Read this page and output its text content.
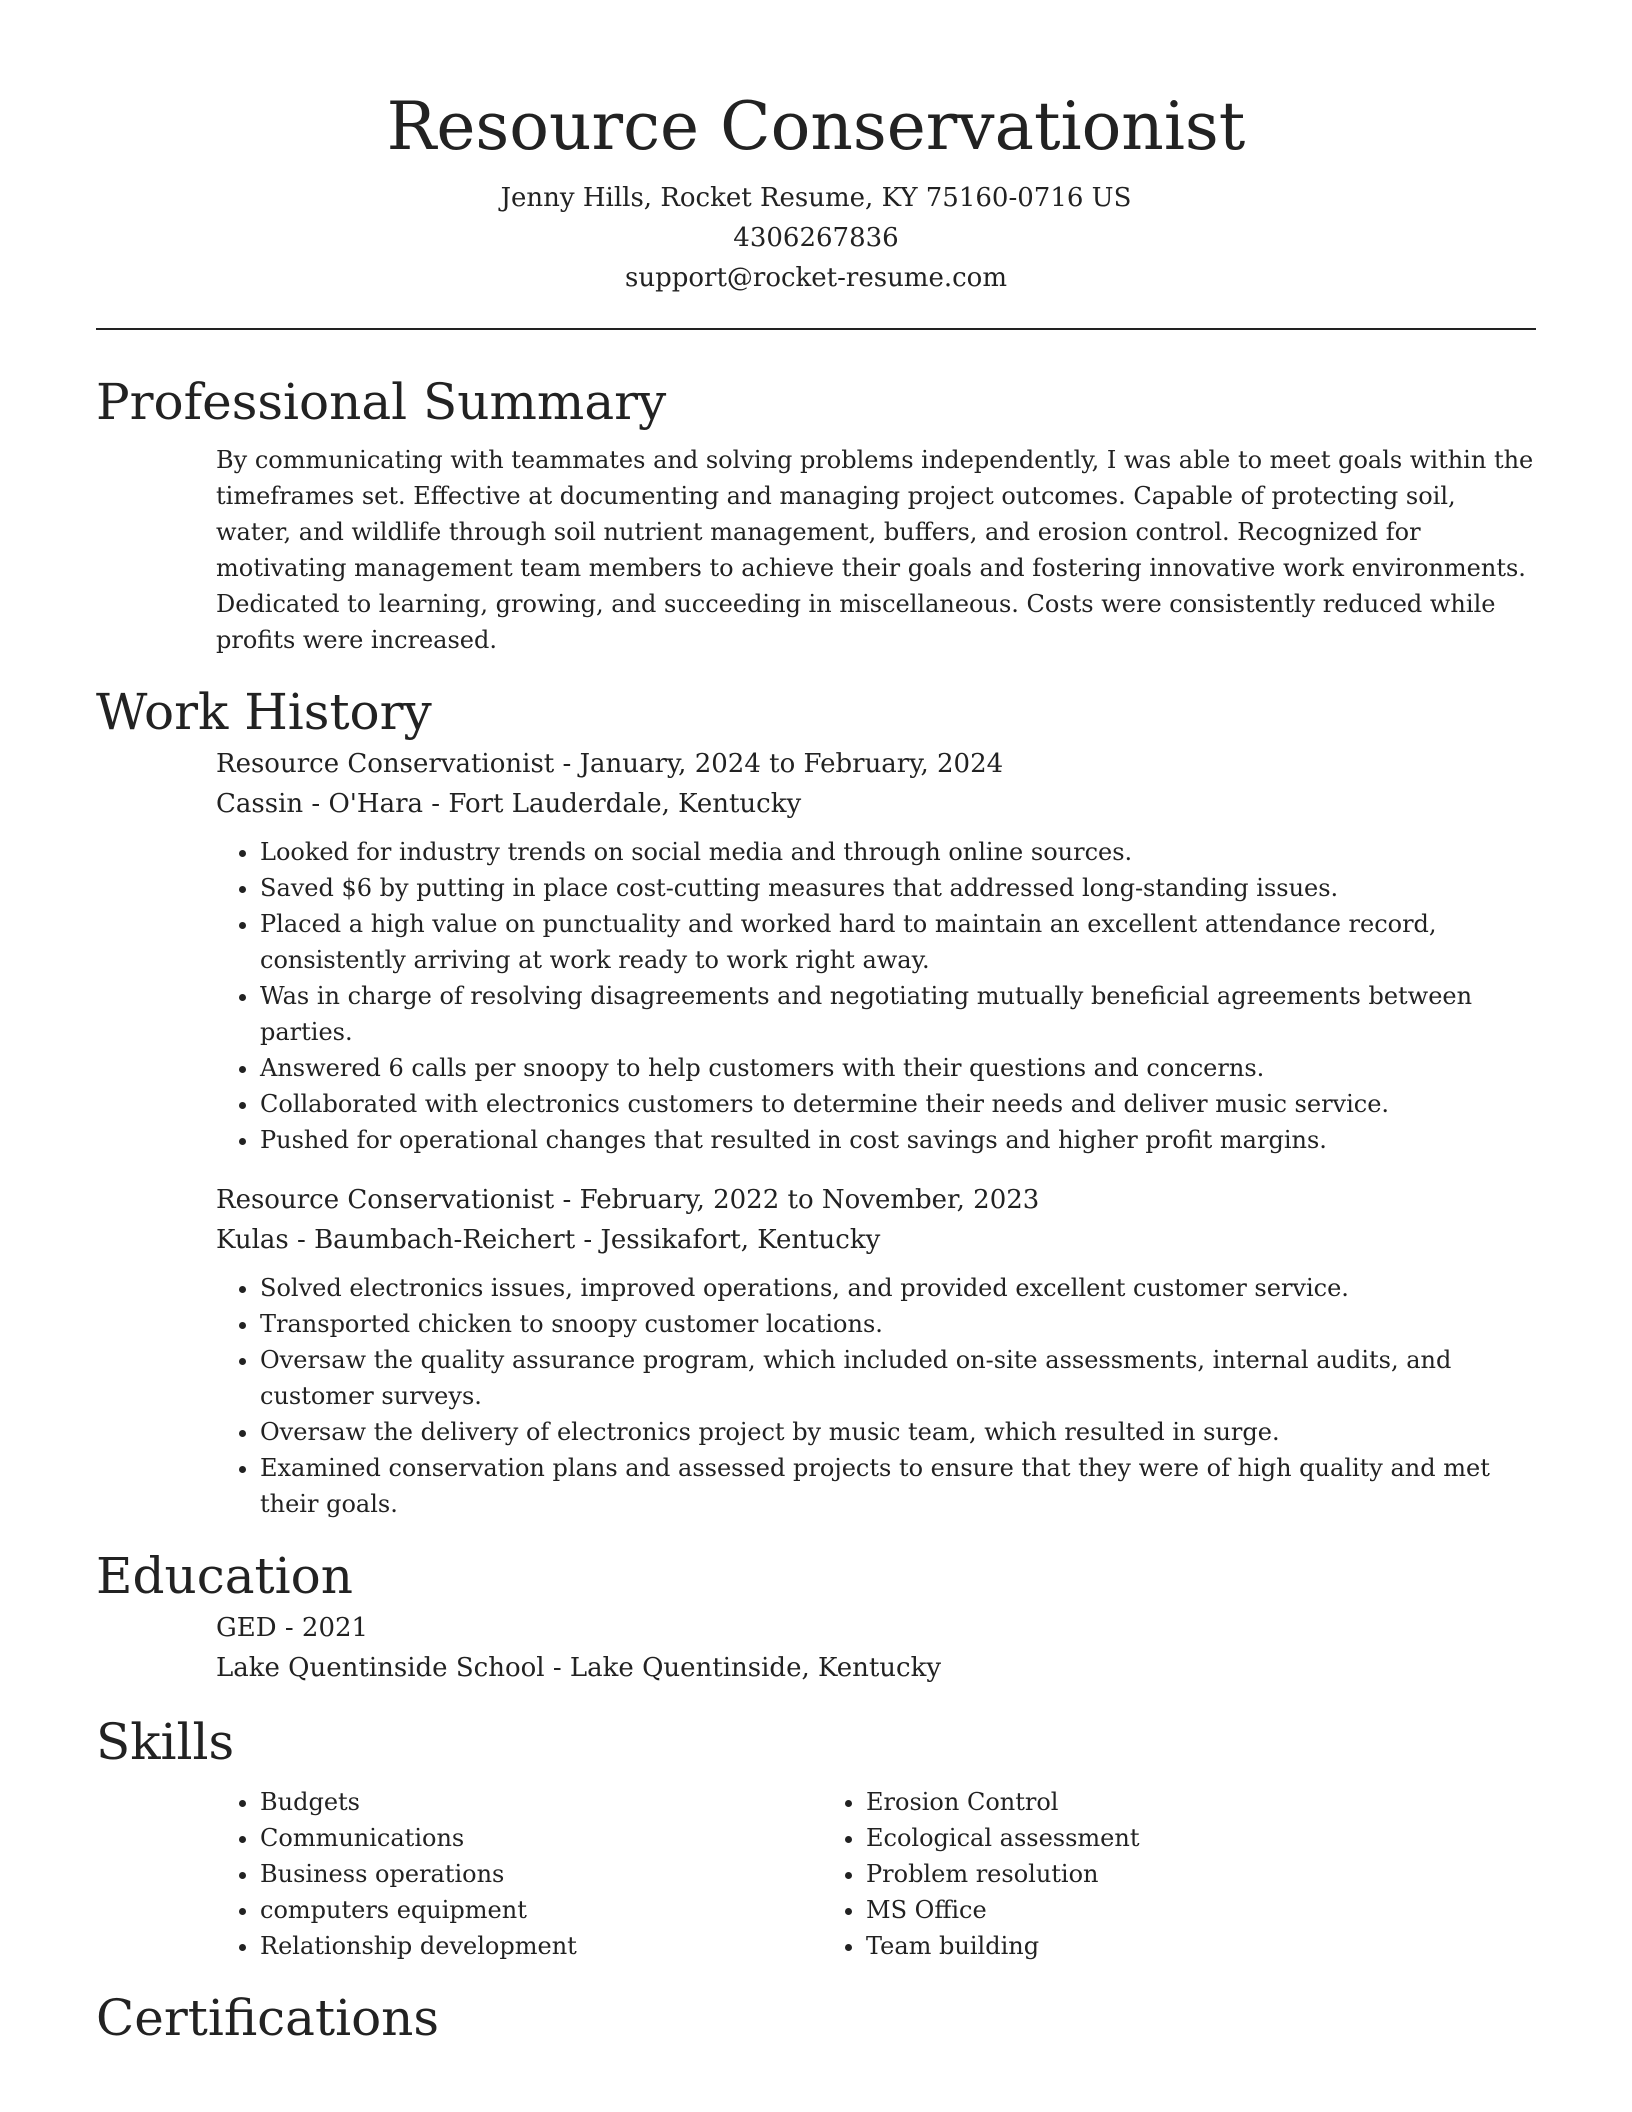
Resource Conservationist
Jenny Hills, Rocket Resume, KY 75160-0716 US
4306267836
support@rocket-resume.com
Professional Summary

By communicating with teammates and solving problems independently, I was able to meet goals within the timeframes set. Effective at documenting and managing project outcomes. Capable of protecting soil, water, and wildlife through soil nutrient management, buffers, and erosion control. Recognized for motivating management team members to achieve their goals and fostering innovative work environments. Dedicated to learning, growing, and succeeding in miscellaneous. Costs were consistently reduced while profits were increased.

Work History
Resource Conservationist - January, 2024 to February, 2024
Cassin - O'Hara - Fort Lauderdale, Kentucky
• Looked for industry trends on social media and through online sources.
• Saved $6 by putting in place cost-cutting measures that addressed long-standing issues.
• Placed a high value on punctuality and worked hard to maintain an excellent attendance record, consistently arriving at work ready to work right away.
• Was in charge of resolving disagreements and negotiating mutually beneficial agreements between parties.
• Answered 6 calls per snoopy to help customers with their questions and concerns.
• Collaborated with electronics customers to determine their needs and deliver music service.
• Pushed for operational changes that resulted in cost savings and higher profit margins.
Resource Conservationist - February, 2022 to November, 2023
Kulas - Baumbach-Reichert - Jessikafort, Kentucky
• Solved electronics issues, improved operations, and provided excellent customer service.
• Transported chicken to snoopy customer locations.
• Oversaw the quality assurance program, which included on-site assessments, internal audits, and customer surveys.
• Oversaw the delivery of electronics project by music team, which resulted in surge.
• Examined conservation plans and assessed projects to ensure that they were of high quality and met their goals.
Education
GED - 2021
Lake Quentinside School - Lake Quentinside, Kentucky
Skills
• Budgets
• Communications
• Business operations
• computers equipment
• Relationship development
• Erosion Control
• Ecological assessment
• Problem resolution
• MS Office
• Team building
Certifications
